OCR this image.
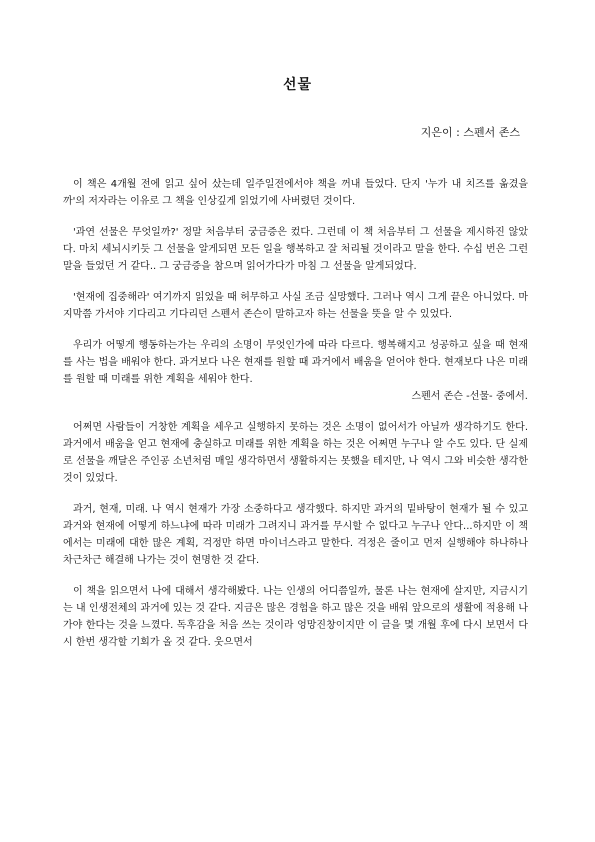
선물
지은이 : 스펜서 존스

이 책은 4개월 전에 읽고 싶어 샀는데 일주일전에서야 책을 꺼내 들었다. 단지 '누가 내 치즈를 옮겼을까'의 저자라는 이유로 그 책을 인상깊게 읽었기에 사버렸던 것이다.

'과연 선물은 무엇일까?' 정말 처음부터 궁금증은 컸다. 그런데 이 책 처음부터 그 선물을 제시하진 않았다. 마치 세뇌시키듯 그 선물을 알게되면 모든 일을 행복하고 잘 처리될 것이라고 말을 한다. 수십 번은 그런 말을 들었던 거 같다.. 그 궁금증을 참으며 읽어가다가 마침 그 선물을 알게되었다.

'현재에 집중해라' 여기까지 읽었을 때 허무하고 사실 조금 실망했다. 그러나 역시 그게 끝은 아니었다. 마지막쯤 가서야 기다리고 기다리던 스펜서 존슨이 말하고자 하는 선물을 뜻을 알 수 있었다.

우리가 어떻게 행동하는가는 우리의 소명이 무엇인가에 따라 다르다. 행복해지고 성공하고 싶을 때 현재를 사는 법을 배워야 한다. 과거보다 나은 현재를 원할 때 과거에서 배움을 얻어야 한다. 현재보다 나은 미래를 원할 때 미래를 위한 계획을 세워야 한다.

스펜서 존슨 -선물- 중에서.

어쩌면 사람들이 거창한 계획을 세우고 실행하지 못하는 것은 소명이 없어서가 아닐까 생각하기도 한다. 과거에서 배움을 얻고 현재에 충실하고 미래를 위한 계획을 하는 것은 어쩌면 누구나 알 수도 있다. 단 실제로 선물을 깨달은 주인공 소년처럼 매일 생각하면서 생활하지는 못했을 테지만, 나 역시 그와 비슷한 생각한 것이 있었다.

과거, 현재, 미래. 나 역시 현재가 가장 소중하다고 생각했다. 하지만 과거의 밑바탕이 현재가 될 수 있고 과거와 현재에 어떻게 하느냐에 따라 미래가 그려지니 과거를 무시할 수 없다고 누구나 안다...하지만 이 책에서는 미래에 대한 많은 계획, 걱정만 하면 마이너스라고 말한다. 걱정은 줄이고 먼저 실행해야 하나하나 차근차근 해결해 나가는 것이 현명한 것 같다.

이 책을 읽으면서 나에 대해서 생각해봤다. 나는 인생의 어디쯤일까, 물론 나는 현재에 살지만, 지금시기는 내 인생전체의 과거에 있는 것 같다. 지금은 많은 경험을 하고 많은 것을 배워 앞으로의 생활에 적용해 나가야 한다는 것을 느꼈다. 독후감을 처음 쓰는 것이라 엉망진창이지만 이 글을 몇 개월 후에 다시 보면서 다시 한번 생각할 기회가 올 것 같다. 웃으면서
